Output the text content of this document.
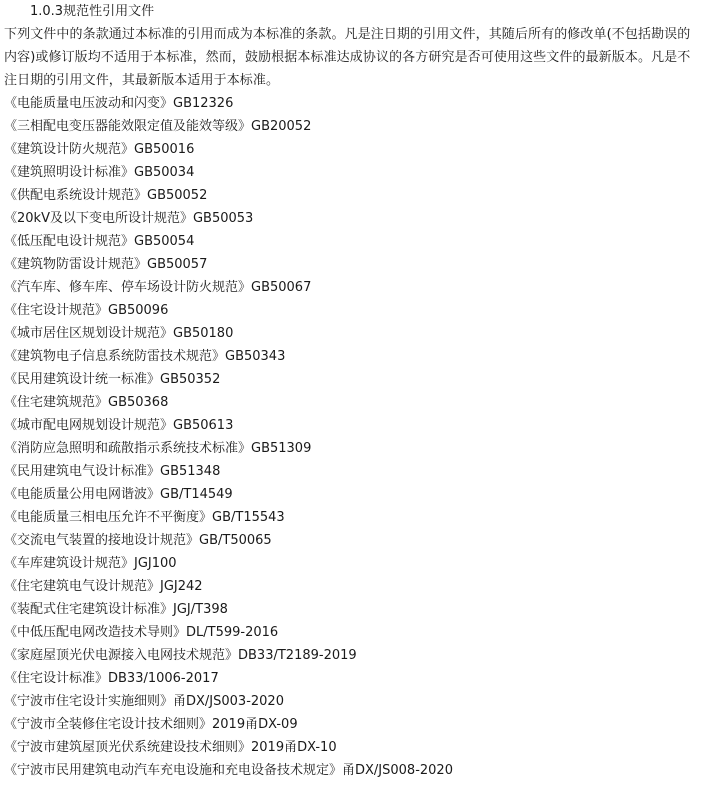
1.0.3规范性引用文件

下列文件中的条款通过本标准的引用而成为本标准的条款。凡是注日期的引用文件，其随后所有的修改单(不包括勘误的内容)或修订版均不适用于本标准，然而，鼓励根据本标准达成协议的各方研究是否可使用这些文件的最新版本。凡是不注日期的引用文件，其最新版本适用于本标准。

《电能质量电压波动和闪变》GB12326
《三相配电变压器能效限定值及能效等级》GB20052
《建筑设计防火规范》GB50016
《建筑照明设计标准》GB50034
《供配电系统设计规范》GB50052
《20kV及以下变电所设计规范》GB50053
《低压配电设计规范》GB50054
《建筑物防雷设计规范》GB50057
《汽车库、修车库、停车场设计防火规范》GB50067
《住宅设计规范》GB50096
《城市居住区规划设计规范》GB50180
《建筑物电子信息系统防雷技术规范》GB50343
《民用建筑设计统一标准》GB50352
《住宅建筑规范》GB50368
《城市配电网规划设计规范》GB50613
《消防应急照明和疏散指示系统技术标准》GB51309
《民用建筑电气设计标准》GB51348
《电能质量公用电网谐波》GB/T14549
《电能质量三相电压允许不平衡度》GB/T15543
《交流电气装置的接地设计规范》GB/T50065
《车库建筑设计规范》JGJ100
《住宅建筑电气设计规范》JGJ242
《装配式住宅建筑设计标准》JGJ/T398
《中低压配电网改造技术导则》DL/T599-2016
《家庭屋顶光伏电源接入电网技术规范》DB33/T2189-2019
《住宅设计标准》DB33/1006-2017
《宁波市住宅设计实施细则》甬DX/JS003-2020
《宁波市全装修住宅设计技术细则》2019甬DX-09
《宁波市建筑屋顶光伏系统建设技术细则》2019甬DX-10
《宁波市民用建筑电动汽车充电设施和充电设备技术规定》甬DX/JS008-2020
